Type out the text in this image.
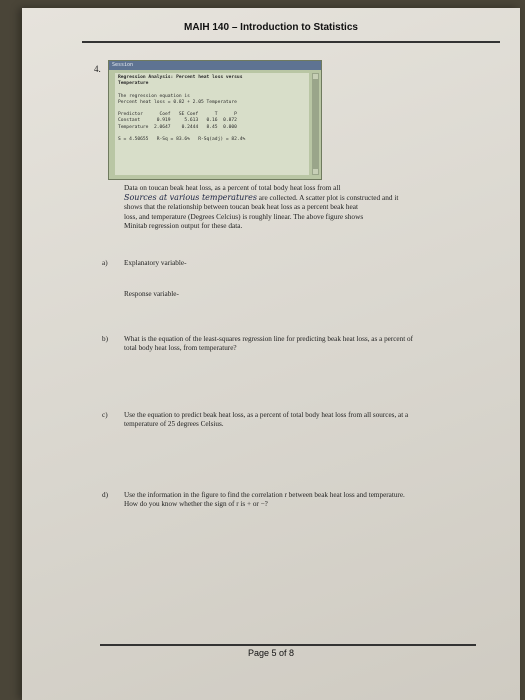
MAIH 140 – Introduction to Statistics
4.	Session
Regression Analysis: Percent heat loss versus
Temperature

The regression equation is
Percent heat loss = 0.82 + 2.05 Temperature

Predictor      Coef   SE Coef      T      P
Constant      0.919     5.613   0.16  0.872
Temperature  2.0647    0.2444   8.45  0.000

S = 4.50655   R-Sq = 83.6%   R-Sq(adj) = 82.4%
Data on toucan beak heat loss, as a percent of total body heat loss from all
Sources at various temperatures are collected. A scatter plot is constructed and it
shows that the relationship between toucan beak heat loss as a percent beak heat
loss, and temperature (Degrees Celcius) is roughly linear. The above figure shows
Minitab regression output for these data.
a) Explanatory variable-
Response variable-
b) What is the equation of the least-squares regression line for predicting beak heat loss, as a percent of total body heat loss, from temperature?
c) Use the equation to predict beak heat loss, as a percent of total body heat loss from all sources, at a temperature of 25 degrees Celsius.
d) Use the information in the figure to find the correlation r between beak heat loss and temperature. How do you know whether the sign of r is + or −?
Page 5 of 8
